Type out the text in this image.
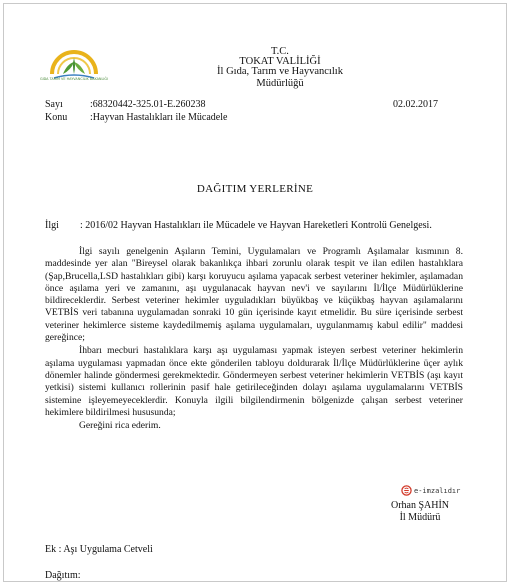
GIDA TARIM VE HAYVANCILIK BAKANLIĞI
T.C.
TOKAT VALİLİĞİ
İl Gıda, Tarım ve Hayvancılık Müdürlüğü
Sayı	:68320442-325.01-E.260238	02.02.2017
Konu :Hayvan Hastalıkları ile Mücadele
DAĞITIM YERLERİNE
İlgi : 2016/02 Hayvan Hastalıkları ile Mücadele ve Hayvan Hareketleri Kontrolü Genelgesi.

İlgi sayılı genelgenin Aşıların Temini, Uygulamaları ve Programlı Aşılamalar kısmının 8. maddesinde yer alan "Bireysel olarak bakanlıkça ihbari zorunlu olarak tespit ve ilan edilen hastalıklara (Şap,Brucella,LSD hastalıkları gibi) karşı koruyucu aşılama yapacak serbest veteriner hekimler, aşılamadan önce aşılama yeri ve zamanını, aşı uygulanacak hayvan nev'i ve sayılarını İl/İlçe Müdürlüklerine bildireceklerdir. Serbest veteriner hekimler uyguladıkları büyükbaş ve küçükbaş hayvan aşılamalarını VETBİS veri tabanına uygulamadan sonraki 10 gün içerisinde kayıt etmelidir. Bu süre içerisinde serbest veteriner hekimlerce sisteme kaydedilmemiş aşılama uygulamaları, uygulanmamış kabul edilir" maddesi gereğince;

İhbarı mecburi hastalıklara karşı aşı uygulaması yapmak isteyen serbest veteriner hekimlerin aşılama uygulaması yapmadan önce ekte gönderilen tabloyu doldurarak İl/İlçe Müdürlüklerine üçer aylık dönemler halinde göndermesi gerekmektedir. Göndermeyen serbest veteriner hekimlerin VETBİS (aşı kayıt yetkisi) sistemi kullanıcı rollerinin pasif hale getirileceğinden dolayı aşılama uygulamalarını VETBİS sistemine işleyemeyeceklerdir. Konuyla ilgili bilgilendirmenin bölgenizde çalışan serbest veteriner hekimlere bildirilmesi hususunda;

Gereğini rica ederim.
e-imzalıdır
Orhan ŞAHİN
İl Müdürü
Ek : Aşı Uygulama Cetveli
Dağıtım:
